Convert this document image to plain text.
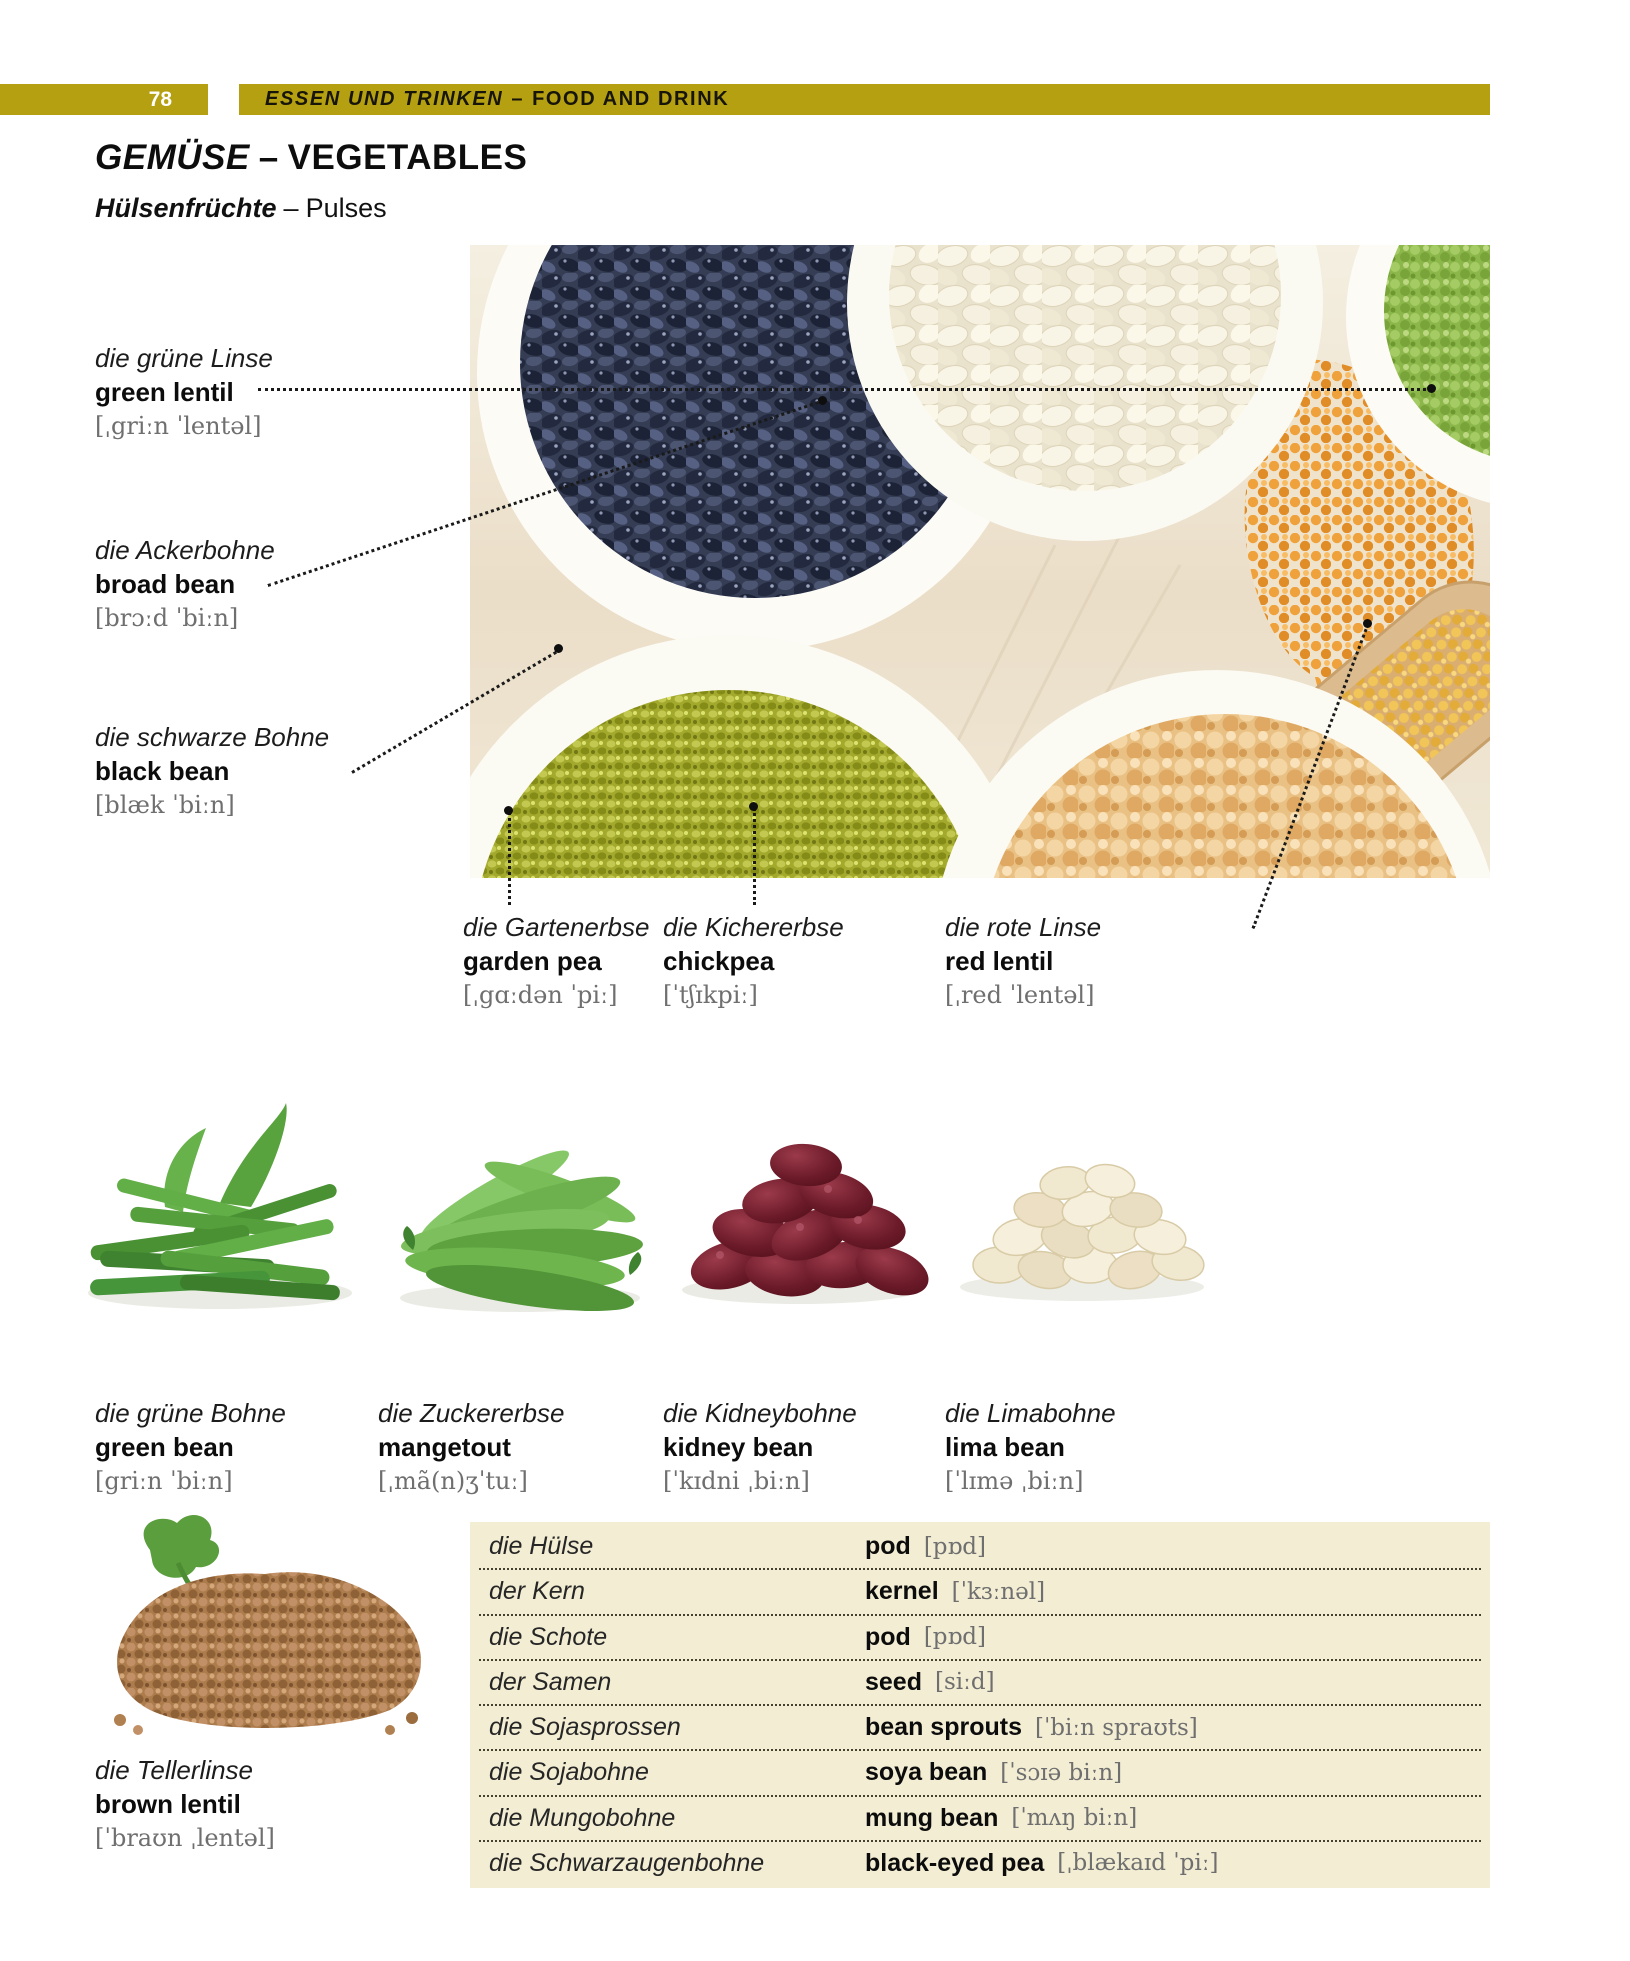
78	ESSEN UND TRINKEN – FOOD AND DRINK
GEMÜSE – VEGETABLES
Hülsenfrüchte – Pulses
die grüne Linse
green lentil
[ˌgriːn ˈlentəl]
die Ackerbohne
broad bean
[brɔːd ˈbiːn]
die schwarze Bohne
black bean
[blæk ˈbiːn]
die Gartenerbse
garden pea
[ˌgɑːdən ˈpiː]
die Kichererbse
chickpea
[ˈtʃɪkpiː]
die rote Linse
red lentil
[ˌred ˈlentəl]
die grüne Bohne
green bean
[griːn ˈbiːn]
die Zuckererbse
mangetout
[ˌmã(n)ʒˈtuː]
die Kidneybohne
kidney bean
[ˈkɪdni ˌbiːn]
die Limabohne
lima bean
[ˈlɪmə ˌbiːn]
die Tellerlinse
brown lentil
[ˈbraʊn ˌlentəl]
die Hülse	pod [pɒd]
der Kern	kernel [ˈkɜːnəl]
die Schote	pod [pɒd]
der Samen	seed [siːd]
die Sojasprossen	bean sprouts [ˈbiːn spraʊts]
die Sojabohne	soya bean [ˈsɔɪə biːn]
die Mungobohne	mung bean [ˈmʌŋ biːn]
die Schwarzaugenbohne	black-eyed pea [ˌblækaɪd ˈpiː]
